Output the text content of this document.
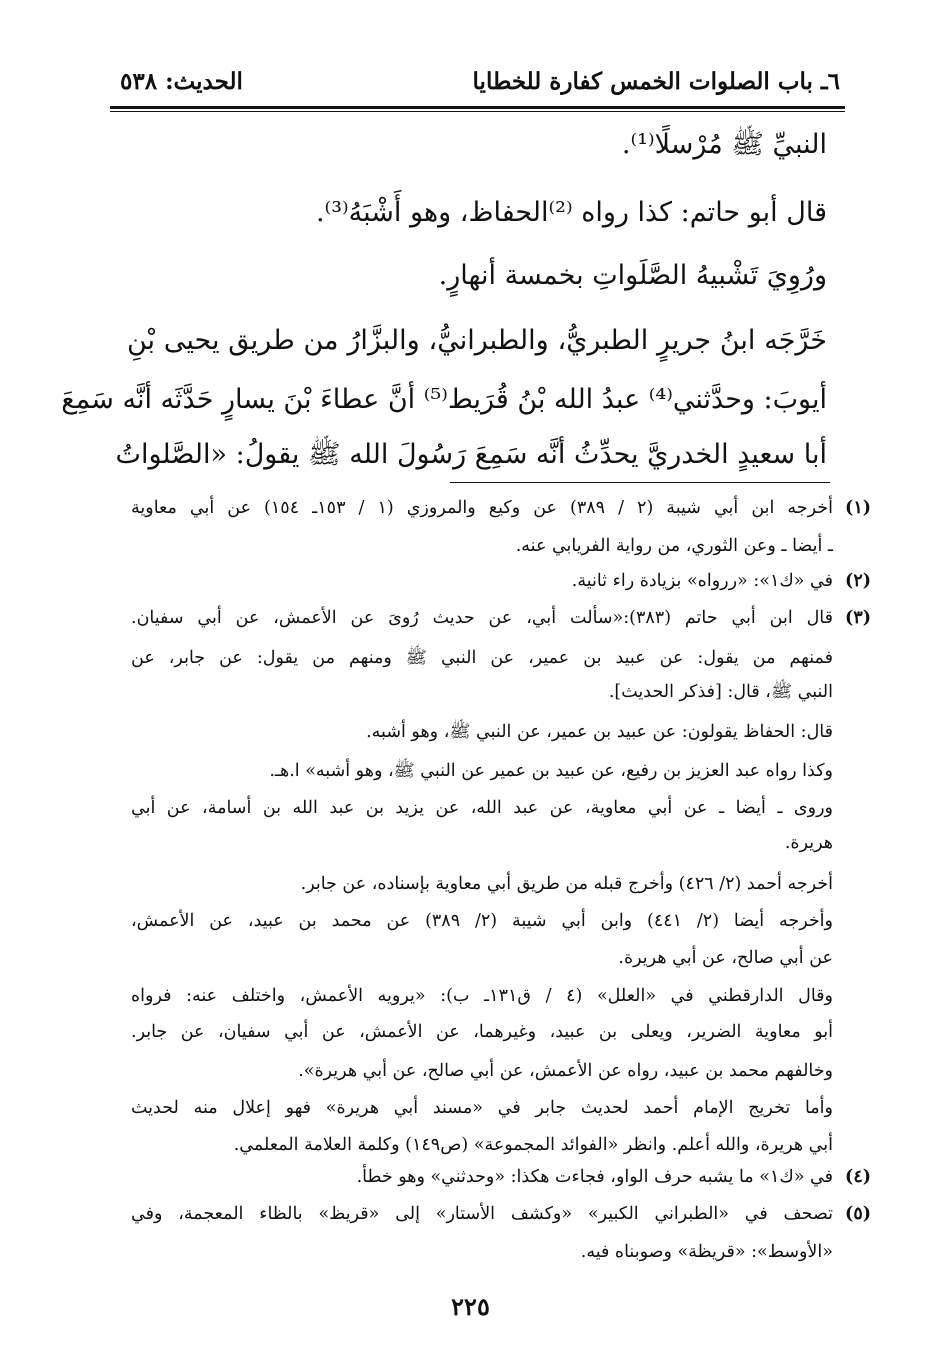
٦ـ باب الصلوات الخمس كفارة للخطايا
الحديث: ٥٣٨
النبيِّ ﷺ مُرْسلًا⁽¹⁾.
قال أبو حاتم: كذا رواه ⁽²⁾الحفاظ، وهو أَشْبَهُ⁽³⁾.
ورُوِيَ تَشْبيهُ الصَّلَواتِ بخمسة أنهارٍ.
خَرَّجَه ابنُ جريرٍ الطبريُّ، والطبرانيُّ، والبزَّارُ من طريق يحيى بْنِ
أيوبَ: وحدَّثني⁽⁴⁾ عبدُ الله بْنُ قُرَيط⁽⁵⁾ أنَّ عطاءَ بْنَ يسارٍ حَدَّثَه أنَّه سَمِعَ
أبا سعيدٍ الخدريَّ يحدِّثُ أنَّه سَمِعَ رَسُولَ الله ﷺ يقولُ: «الصَّلواتُ
(١)
أخرجه ابن أبي شيبة (٢ / ٣٨٩) عن وكيع والمروزي (١ / ١٥٣ـ ١٥٤) عن أبي معاوية
ـ أيضا ـ وعن الثوري، من رواية الفريابي عنه.
(٢)
في «ك١»: «ررواه» بزيادة راء ثانية.
(٣)
قال ابن أبي حاتم (٣٨٣):«سألت أبي، عن حديث رُوىَ عن الأعمش، عن أبي سفيان.
فمنهم من يقول: عن عبيد بن عمير، عن النبي ﷺ ومنهم من يقول: عن جابر، عن
النبي ﷺ، قال: [فذكر الحديث].
قال: الحفاظ يقولون: عن عبيد بن عمير، عن النبي ﷺ، وهو أشبه.
وكذا رواه عبد العزيز بن رفيع، عن عبيد بن عمير عن النبي ﷺ، وهو أشبه» ا.هـ.
وروى ـ أيضا ـ عن أبي معاوية، عن عبد الله، عن يزيد بن عبد الله بن أسامة، عن أبي
هريرة.
أخرجه أحمد (٢/ ٤٢٦) وأخرج قبله من طريق أبي معاوية بإسناده، عن جابر.
وأخرجه أيضا (٢/ ٤٤١) وابن أبي شيبة (٢/ ٣٨٩) عن محمد بن عبيد، عن الأعمش،
عن أبي صالح، عن أبي هريرة.
وقال الدارقطني في «العلل» (٤ / ق١٣١ـ ب): «يرويه الأعمش، واختلف عنه: فرواه
أبو معاوية الضرير، ويعلى بن عبيد، وغيرهما، عن الأعمش، عن أبي سفيان، عن جابر.
وخالفهم محمد بن عبيد، رواه عن الأعمش، عن أبي صالح، عن أبي هريرة».
وأما تخريج الإمام أحمد لحديث جابر في «مسند أبي هريرة» فهو إعلال منه لحديث
أبي هريرة، والله أعلم. وانظر «الفوائد المجموعة» (ص١٤٩) وكلمة العلامة المعلمي.
(٤)
في «ك١» ما يشبه حرف الواو، فجاءت هكذا: «وحدثني» وهو خطأ.
(٥)
تصحف في «الطبراني الكبير» «وكشف الأستار» إلى «قريظ» بالظاء المعجمة، وفي
«الأوسط»: «قريظة» وصوبناه فيه.
٢٢٥
